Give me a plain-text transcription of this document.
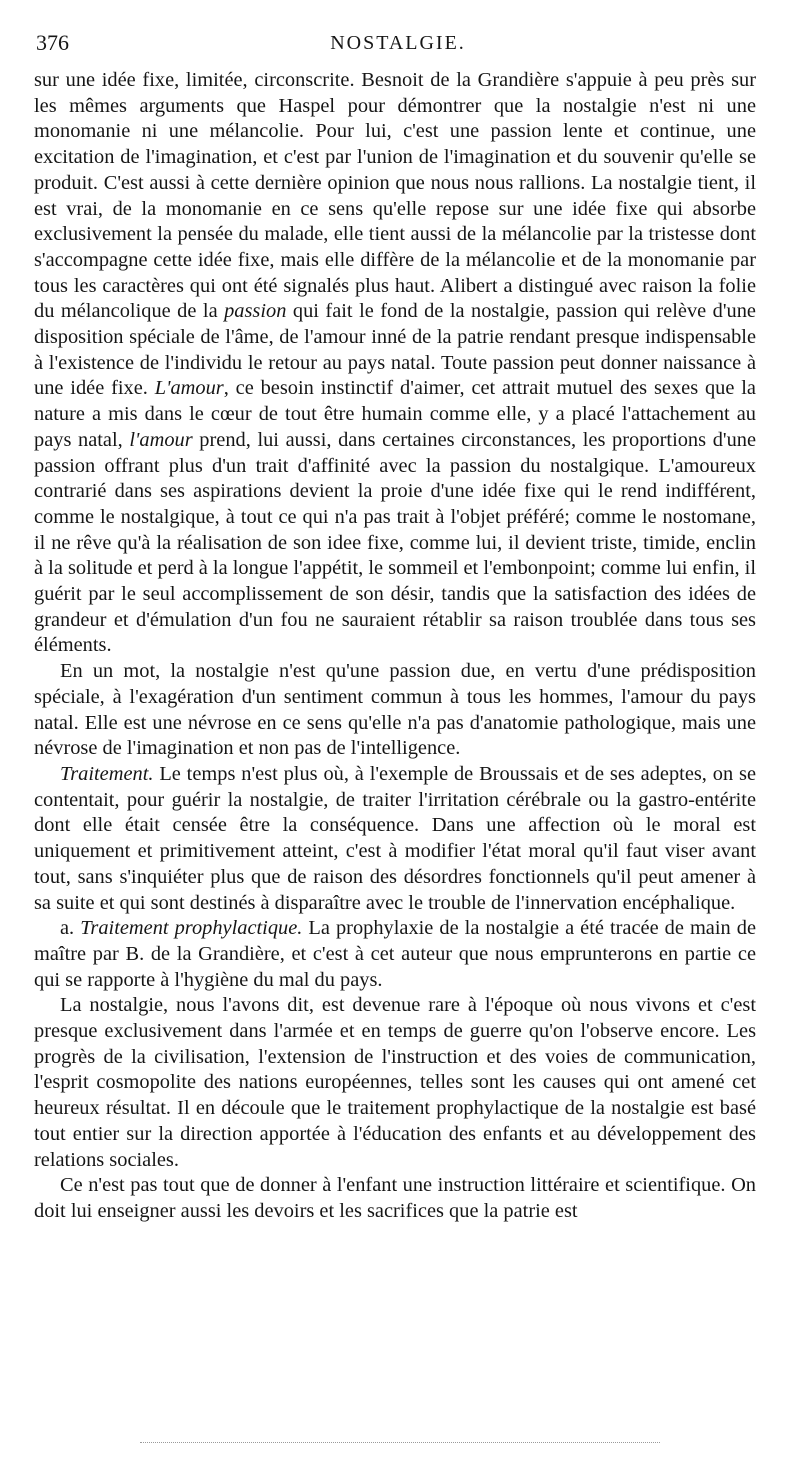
376	NOSTALGIE.

sur une idée fixe, limitée, circonscrite. Besnoit de la Grandière s'appuie à peu près sur les mêmes arguments que Haspel pour démontrer que la nostalgie n'est ni une monomanie ni une mélancolie. Pour lui, c'est une passion lente et continue, une excitation de l'imagination, et c'est par l'union de l'imagination et du souvenir qu'elle se produit. C'est aussi à cette dernière opinion que nous nous rallions. La nostalgie tient, il est vrai, de la monomanie en ce sens qu'elle repose sur une idée fixe qui absorbe exclusivement la pensée du malade, elle tient aussi de la mélancolie par la tristesse dont s'accompagne cette idée fixe, mais elle diffère de la mélancolie et de la monomanie par tous les caractères qui ont été signalés plus haut. Alibert a distingué avec raison la folie du mélancolique de la passion qui fait le fond de la nostalgie, passion qui relève d'une disposition spéciale de l'âme, de l'amour inné de la patrie rendant presque indispensable à l'existence de l'individu le retour au pays natal. Toute passion peut donner naissance à une idée fixe. L'amour, ce besoin instinctif d'aimer, cet attrait mutuel des sexes que la nature a mis dans le cœur de tout être humain comme elle, y a placé l'attachement au pays natal, l'amour prend, lui aussi, dans certaines circonstances, les proportions d'une passion offrant plus d'un trait d'affinité avec la passion du nostalgique. L'amoureux contrarié dans ses aspirations devient la proie d'une idée fixe qui le rend indifférent, comme le nostalgique, à tout ce qui n'a pas trait à l'objet préféré; comme le nostomane, il ne rêve qu'à la réalisation de son idee fixe, comme lui, il devient triste, timide, enclin à la solitude et perd à la longue l'appétit, le sommeil et l'embonpoint; comme lui enfin, il guérit par le seul accomplissement de son désir, tandis que la satisfaction des idées de grandeur et d'émulation d'un fou ne sauraient rétablir sa raison troublée dans tous ses éléments.

En un mot, la nostalgie n'est qu'une passion due, en vertu d'une prédisposition spéciale, à l'exagération d'un sentiment commun à tous les hommes, l'amour du pays natal. Elle est une névrose en ce sens qu'elle n'a pas d'anatomie pathologique, mais une névrose de l'imagination et non pas de l'intelligence.

Traitement. Le temps n'est plus où, à l'exemple de Broussais et de ses adeptes, on se contentait, pour guérir la nostalgie, de traiter l'irritation cérébrale ou la gastro-entérite dont elle était censée être la conséquence. Dans une affection où le moral est uniquement et primitivement atteint, c'est à modifier l'état moral qu'il faut viser avant tout, sans s'inquiéter plus que de raison des désordres fonctionnels qu'il peut amener à sa suite et qui sont destinés à disparaître avec le trouble de l'innervation encéphalique.

a. Traitement prophylactique. La prophylaxie de la nostalgie a été tracée de main de maître par B. de la Grandière, et c'est à cet auteur que nous emprunterons en partie ce qui se rapporte à l'hygiène du mal du pays.

La nostalgie, nous l'avons dit, est devenue rare à l'époque où nous vivons et c'est presque exclusivement dans l'armée et en temps de guerre qu'on l'observe encore. Les progrès de la civilisation, l'extension de l'instruction et des voies de communication, l'esprit cosmopolite des nations européennes, telles sont les causes qui ont amené cet heureux résultat. Il en découle que le traitement prophylactique de la nostalgie est basé tout entier sur la direction apportée à l'éducation des enfants et au développement des relations sociales.

Ce n'est pas tout que de donner à l'enfant une instruction littéraire et scientifique. On doit lui enseigner aussi les devoirs et les sacrifices que la patrie est
